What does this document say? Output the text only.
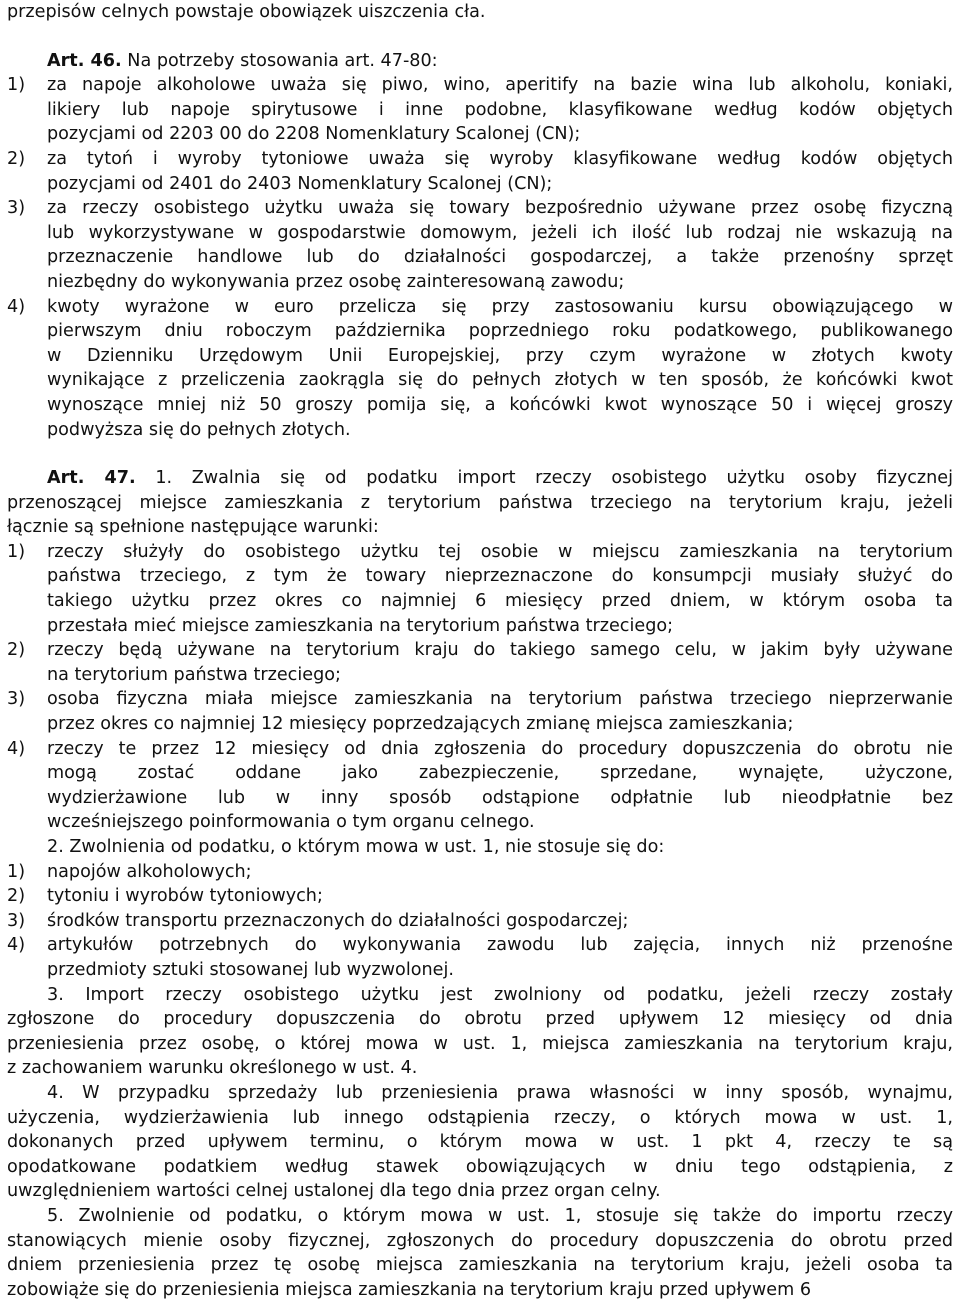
przepisów celnych powstaje obowiązek uiszczenia cła.
Art. 46. Na potrzeby stosowania art. 47-80:
1)	za napoje alkoholowe uważa się piwo, wino, aperitify na bazie wina lub alkoholu, koniaki,
likiery lub napoje spirytusowe i inne podobne, klasyfikowane według kodów objętych
pozycjami od 2203 00 do 2208 Nomenklatury Scalonej (CN);
2)	za tytoń i wyroby tytoniowe uważa się wyroby klasyfikowane według kodów objętych
pozycjami od 2401 do 2403 Nomenklatury Scalonej (CN);
3)	za rzeczy osobistego użytku uważa się towary bezpośrednio używane przez osobę fizyczną
lub wykorzystywane w gospodarstwie domowym, jeżeli ich ilość lub rodzaj nie wskazują na
przeznaczenie handlowe lub do działalności gospodarczej, a także przenośny sprzęt
niezbędny do wykonywania przez osobę zainteresowaną zawodu;
4)	kwoty wyrażone w euro przelicza się przy zastosowaniu kursu obowiązującego w
pierwszym dniu roboczym października poprzedniego roku podatkowego, publikowanego
w Dzienniku Urzędowym Unii Europejskiej, przy czym wyrażone w złotych kwoty
wynikające z przeliczenia zaokrągla się do pełnych złotych w ten sposób, że końcówki kwot
wynoszące mniej niż 50 groszy pomija się, a końcówki kwot wynoszące 50 i więcej groszy
podwyższa się do pełnych złotych.
Art. 47. 1. Zwalnia się od podatku import rzeczy osobistego użytku osoby fizycznej
przenoszącej miejsce zamieszkania z terytorium państwa trzeciego na terytorium kraju, jeżeli
łącznie są spełnione następujące warunki:
1)	rzeczy służyły do osobistego użytku tej osobie w miejscu zamieszkania na terytorium
państwa trzeciego, z tym że towary nieprzeznaczone do konsumpcji musiały służyć do
takiego użytku przez okres co najmniej 6 miesięcy przed dniem, w którym osoba ta
przestała mieć miejsce zamieszkania na terytorium państwa trzeciego;
2)	rzeczy będą używane na terytorium kraju do takiego samego celu, w jakim były używane
na terytorium państwa trzeciego;
3)	osoba fizyczna miała miejsce zamieszkania na terytorium państwa trzeciego nieprzerwanie
przez okres co najmniej 12 miesięcy poprzedzających zmianę miejsca zamieszkania;
4)	rzeczy te przez 12 miesięcy od dnia zgłoszenia do procedury dopuszczenia do obrotu nie
mogą zostać oddane jako zabezpieczenie, sprzedane, wynajęte, użyczone,
wydzierżawione lub w inny sposób odstąpione odpłatnie lub nieodpłatnie bez
wcześniejszego poinformowania o tym organu celnego.
2. Zwolnienia od podatku, o którym mowa w ust. 1, nie stosuje się do:
1)	napojów alkoholowych;
2)	tytoniu i wyrobów tytoniowych;
3)	środków transportu przeznaczonych do działalności gospodarczej;
4)	artykułów potrzebnych do wykonywania zawodu lub zajęcia, innych niż przenośne
przedmioty sztuki stosowanej lub wyzwolonej.
3. Import rzeczy osobistego użytku jest zwolniony od podatku, jeżeli rzeczy zostały
zgłoszone do procedury dopuszczenia do obrotu przed upływem 12 miesięcy od dnia
przeniesienia przez osobę, o której mowa w ust. 1, miejsca zamieszkania na terytorium kraju,
z zachowaniem warunku określonego w ust. 4.
4. W przypadku sprzedaży lub przeniesienia prawa własności w inny sposób, wynajmu,
użyczenia, wydzierżawienia lub innego odstąpienia rzeczy, o których mowa w ust. 1,
dokonanych przed upływem terminu, o którym mowa w ust. 1 pkt 4, rzeczy te są
opodatkowane podatkiem według stawek obowiązujących w dniu tego odstąpienia, z
uwzględnieniem wartości celnej ustalonej dla tego dnia przez organ celny.
5. Zwolnienie od podatku, o którym mowa w ust. 1, stosuje się także do importu rzeczy
stanowiących mienie osoby fizycznej, zgłoszonych do procedury dopuszczenia do obrotu przed
dniem przeniesienia przez tę osobę miejsca zamieszkania na terytorium kraju, jeżeli osoba ta
zobowiąże się do przeniesienia miejsca zamieszkania na terytorium kraju przed upływem 6
